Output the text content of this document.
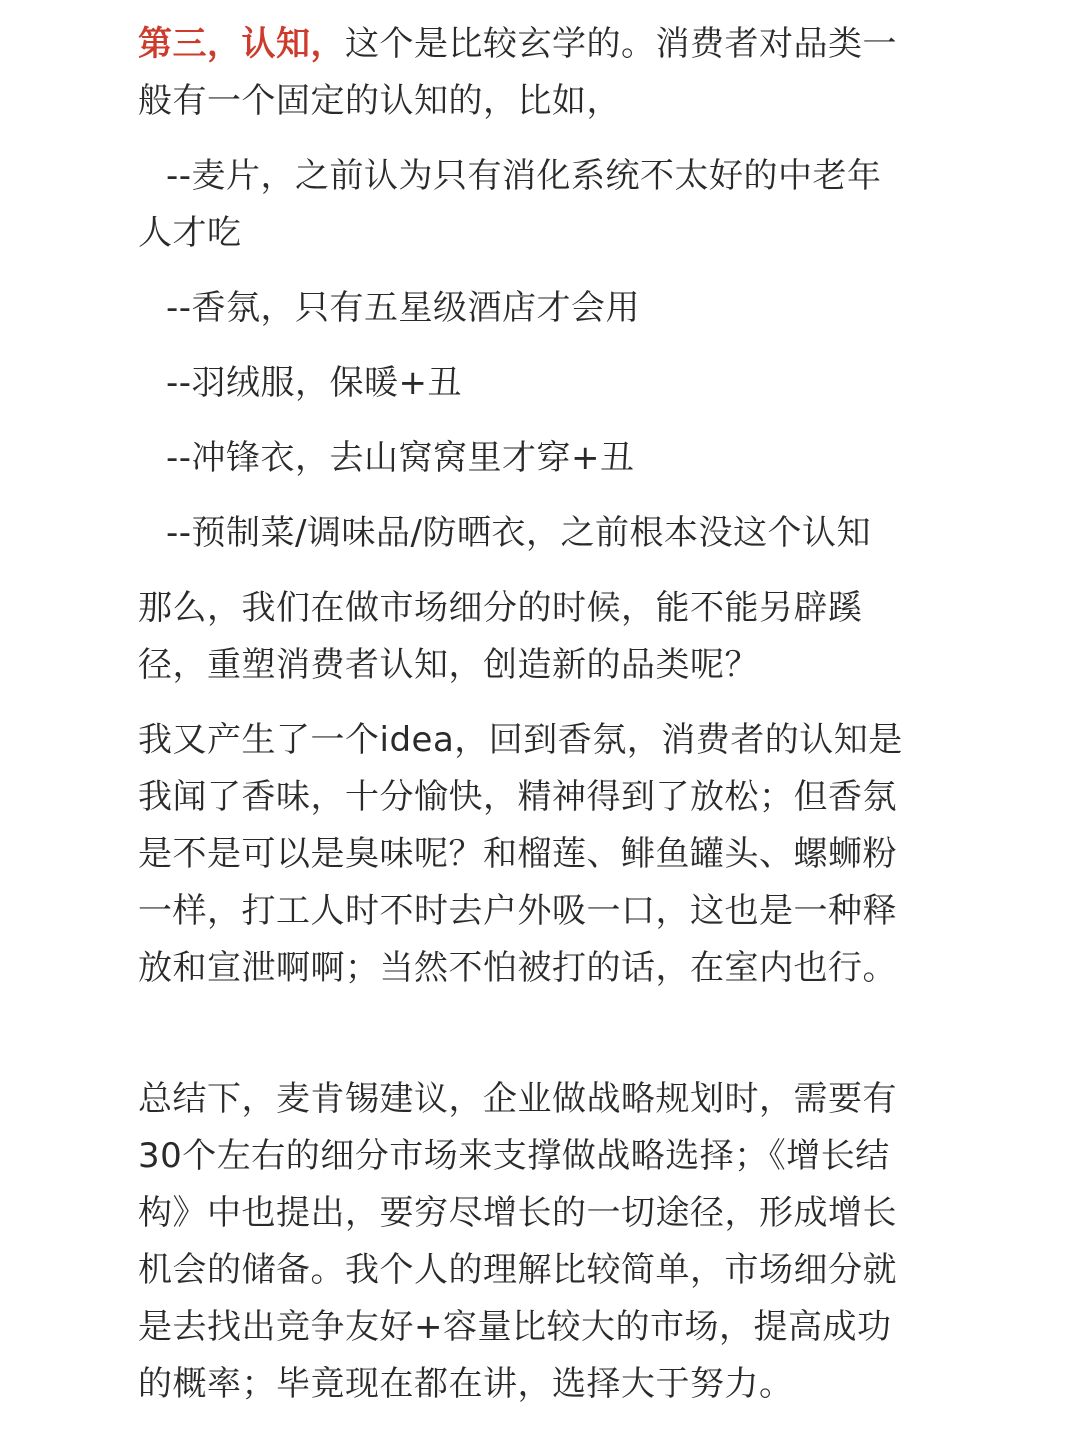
第三，认知，这个是比较玄学的。消费者对品类一
般有一个固定的认知的，比如，

--麦片，之前认为只有消化系统不太好的中老年
人才吃

--香氛，只有五星级酒店才会用

--羽绒服，保暖+丑

--冲锋衣，去山窝窝里才穿+丑

--预制菜/调味品/防晒衣，之前根本没这个认知

那么，我们在做市场细分的时候，能不能另辟蹊
径，重塑消费者认知，创造新的品类呢？

我又产生了一个idea，回到香氛，消费者的认知是
我闻了香味，十分愉快，精神得到了放松；但香氛
是不是可以是臭味呢？和榴莲、鲱鱼罐头、螺蛳粉
一样，打工人时不时去户外吸一口，这也是一种释
放和宣泄啊啊；当然不怕被打的话，在室内也行。

总结下，麦肯锡建议，企业做战略规划时，需要有
30个左右的细分市场来支撑做战略选择；《增长结
构》中也提出，要穷尽增长的一切途径，形成增长
机会的储备。我个人的理解比较简单，市场细分就
是去找出竞争友好+容量比较大的市场，提高成功
的概率；毕竟现在都在讲，选择大于努力。
